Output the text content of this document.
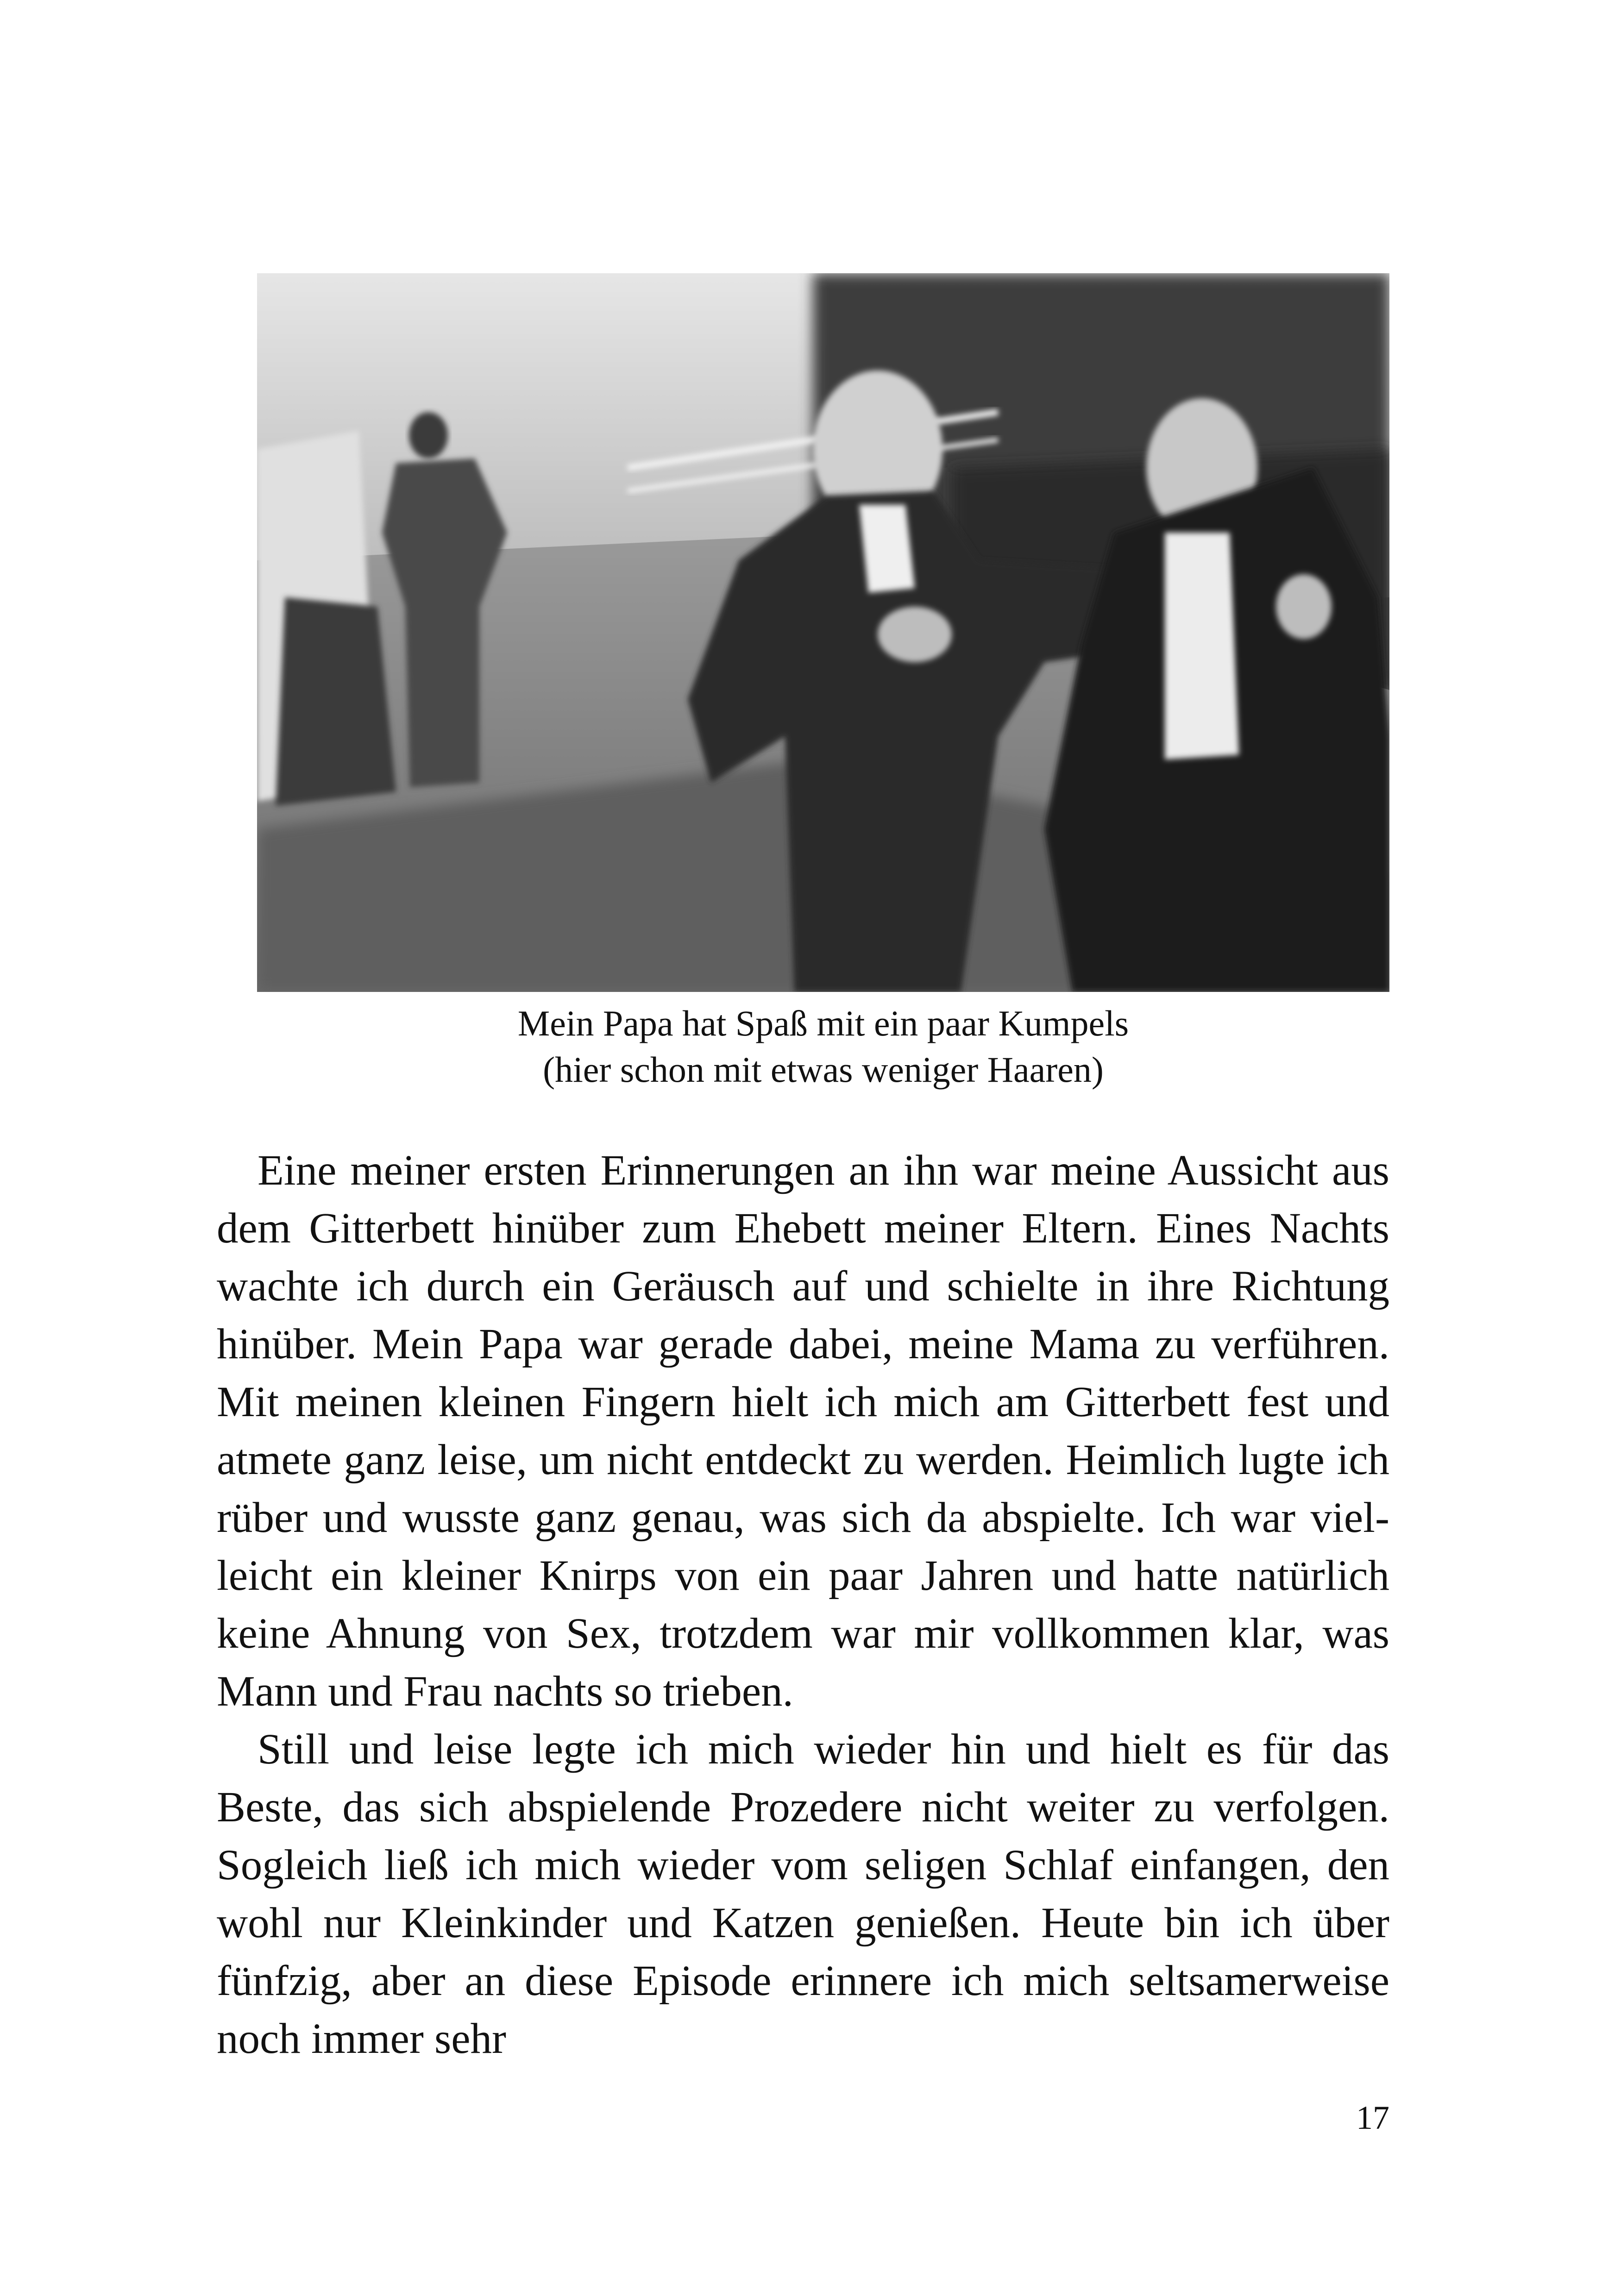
Mein Papa hat Spaß mit ein paar Kumpels
(hier schon mit etwas weniger Haaren)

Eine meiner ersten Erinnerungen an ihn war meine Aussicht aus dem Gitterbett hinüber zum Ehebett meiner Eltern. Eines Nachts wachte ich durch ein Geräusch auf und schielte in ihre Richtung hinüber. Mein Papa war gerade dabei, meine Mama zu verführen. Mit meinen kleinen Fingern hielt ich mich am Gitterbett fest und atmete ganz leise, um nicht entdeckt zu werden. Heimlich lugte ich rüber und wusste ganz genau, was sich da abspielte. Ich war vielleicht ein kleiner Knirps von ein paar Jahren und hatte natürlich keine Ahnung von Sex, trotzdem war mir vollkommen klar, was Mann und Frau nachts so trieben.

Still und leise legte ich mich wieder hin und hielt es für das Beste, das sich abspielende Prozedere nicht weiter zu verfolgen. Sogleich ließ ich mich wieder vom seligen Schlaf einfangen, den wohl nur Kleinkinder und Katzen genießen. Heute bin ich über fünfzig, aber an diese Episode erinnere ich mich seltsamerweise noch immer sehr

17
